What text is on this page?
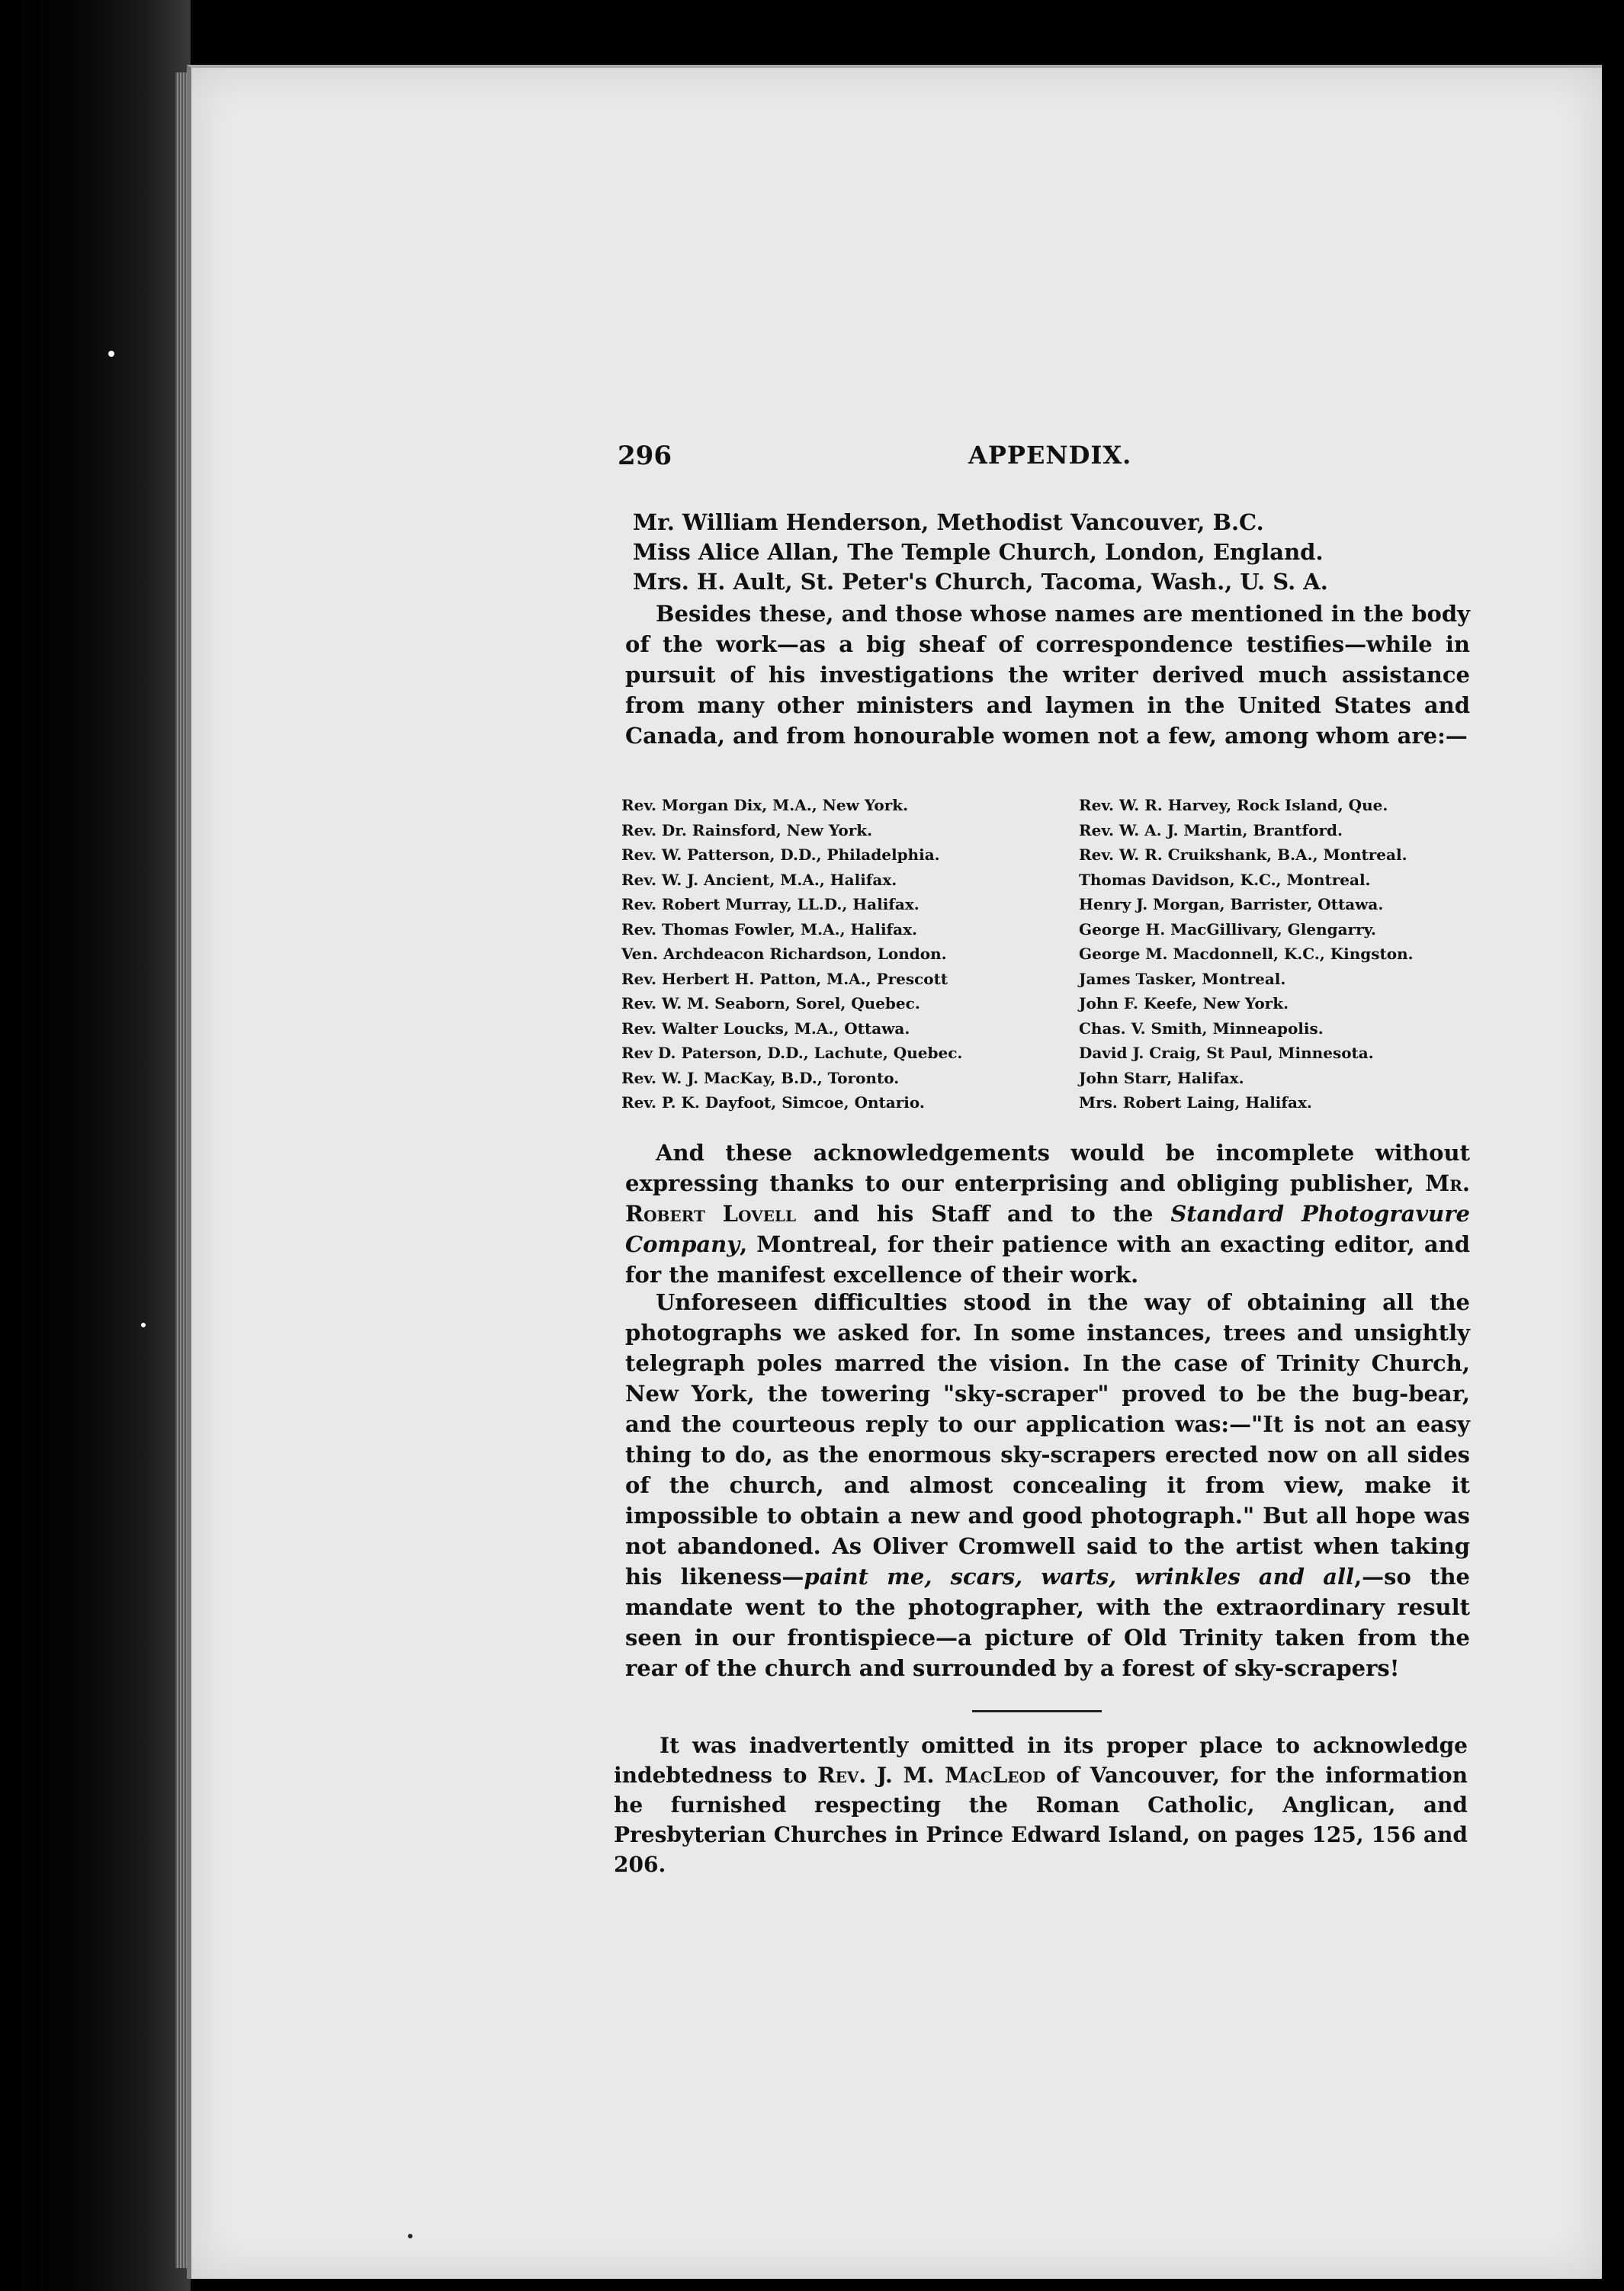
296	APPENDIX.

Mr. William Henderson, Methodist Vancouver, B.C.

Miss Alice Allan, The Temple Church, London, England.

Mrs. H. Ault, St. Peter's Church, Tacoma, Wash., U. S. A.

Besides these, and those whose names are mentioned in the body of the work—as a big sheaf of correspondence testifies—while in pursuit of his investigations the writer derived much assistance from many other ministers and laymen in the United States and Canada, and from honourable women not a few, among whom are:—

Rev. Morgan Dix, M.A., New York.
Rev. Dr. Rainsford, New York.
Rev. W. Patterson, D.D., Philadelphia.
Rev. W. J. Ancient, M.A., Halifax.
Rev. Robert Murray, LL.D., Halifax.
Rev. Thomas Fowler, M.A., Halifax.
Ven. Archdeacon Richardson, London.
Rev. Herbert H. Patton, M.A., Prescott
Rev. W. M. Seaborn, Sorel, Quebec.
Rev. Walter Loucks, M.A., Ottawa.
Rev D. Paterson, D.D., Lachute, Quebec.
Rev. W. J. MacKay, B.D., Toronto.
Rev. P. K. Dayfoot, Simcoe, Ontario.
Rev. W. R. Harvey, Rock Island, Que.
Rev. W. A. J. Martin, Brantford.
Rev. W. R. Cruikshank, B.A., Montreal.
Thomas Davidson, K.C., Montreal.
Henry J. Morgan, Barrister, Ottawa.
George H. MacGillivary, Glengarry.
George M. Macdonnell, K.C., Kingston.
James Tasker, Montreal.
John F. Keefe, New York.
Chas. V. Smith, Minneapolis.
David J. Craig, St Paul, Minnesota.
John Starr, Halifax.
Mrs. Robert Laing, Halifax.

And these acknowledgements would be incomplete without expressing thanks to our enterprising and obliging publisher, Mr. Robert Lovell and his Staff and to the Standard Photogravure Company, Montreal, for their patience with an exacting editor, and for the manifest excellence of their work.

Unforeseen difficulties stood in the way of obtaining all the photographs we asked for. In some instances, trees and unsightly telegraph poles marred the vision. In the case of Trinity Church, New York, the towering "sky-scraper" proved to be the bug-bear, and the courteous reply to our application was:—"It is not an easy thing to do, as the enormous sky-scrapers erected now on all sides of the church, and almost concealing it from view, make it impossible to obtain a new and good photograph." But all hope was not abandoned. As Oliver Cromwell said to the artist when taking his likeness—paint me, scars, warts, wrinkles and all,—so the mandate went to the photographer, with the extraordinary result seen in our frontispiece—a picture of Old Trinity taken from the rear of the church and surrounded by a forest of sky-scrapers!

It was inadvertently omitted in its proper place to acknowledge indebtedness to Rev. J. M. MacLeod of Vancouver, for the information he furnished respecting the Roman Catholic, Anglican, and Presbyterian Churches in Prince Edward Island, on pages 125, 156 and 206.
